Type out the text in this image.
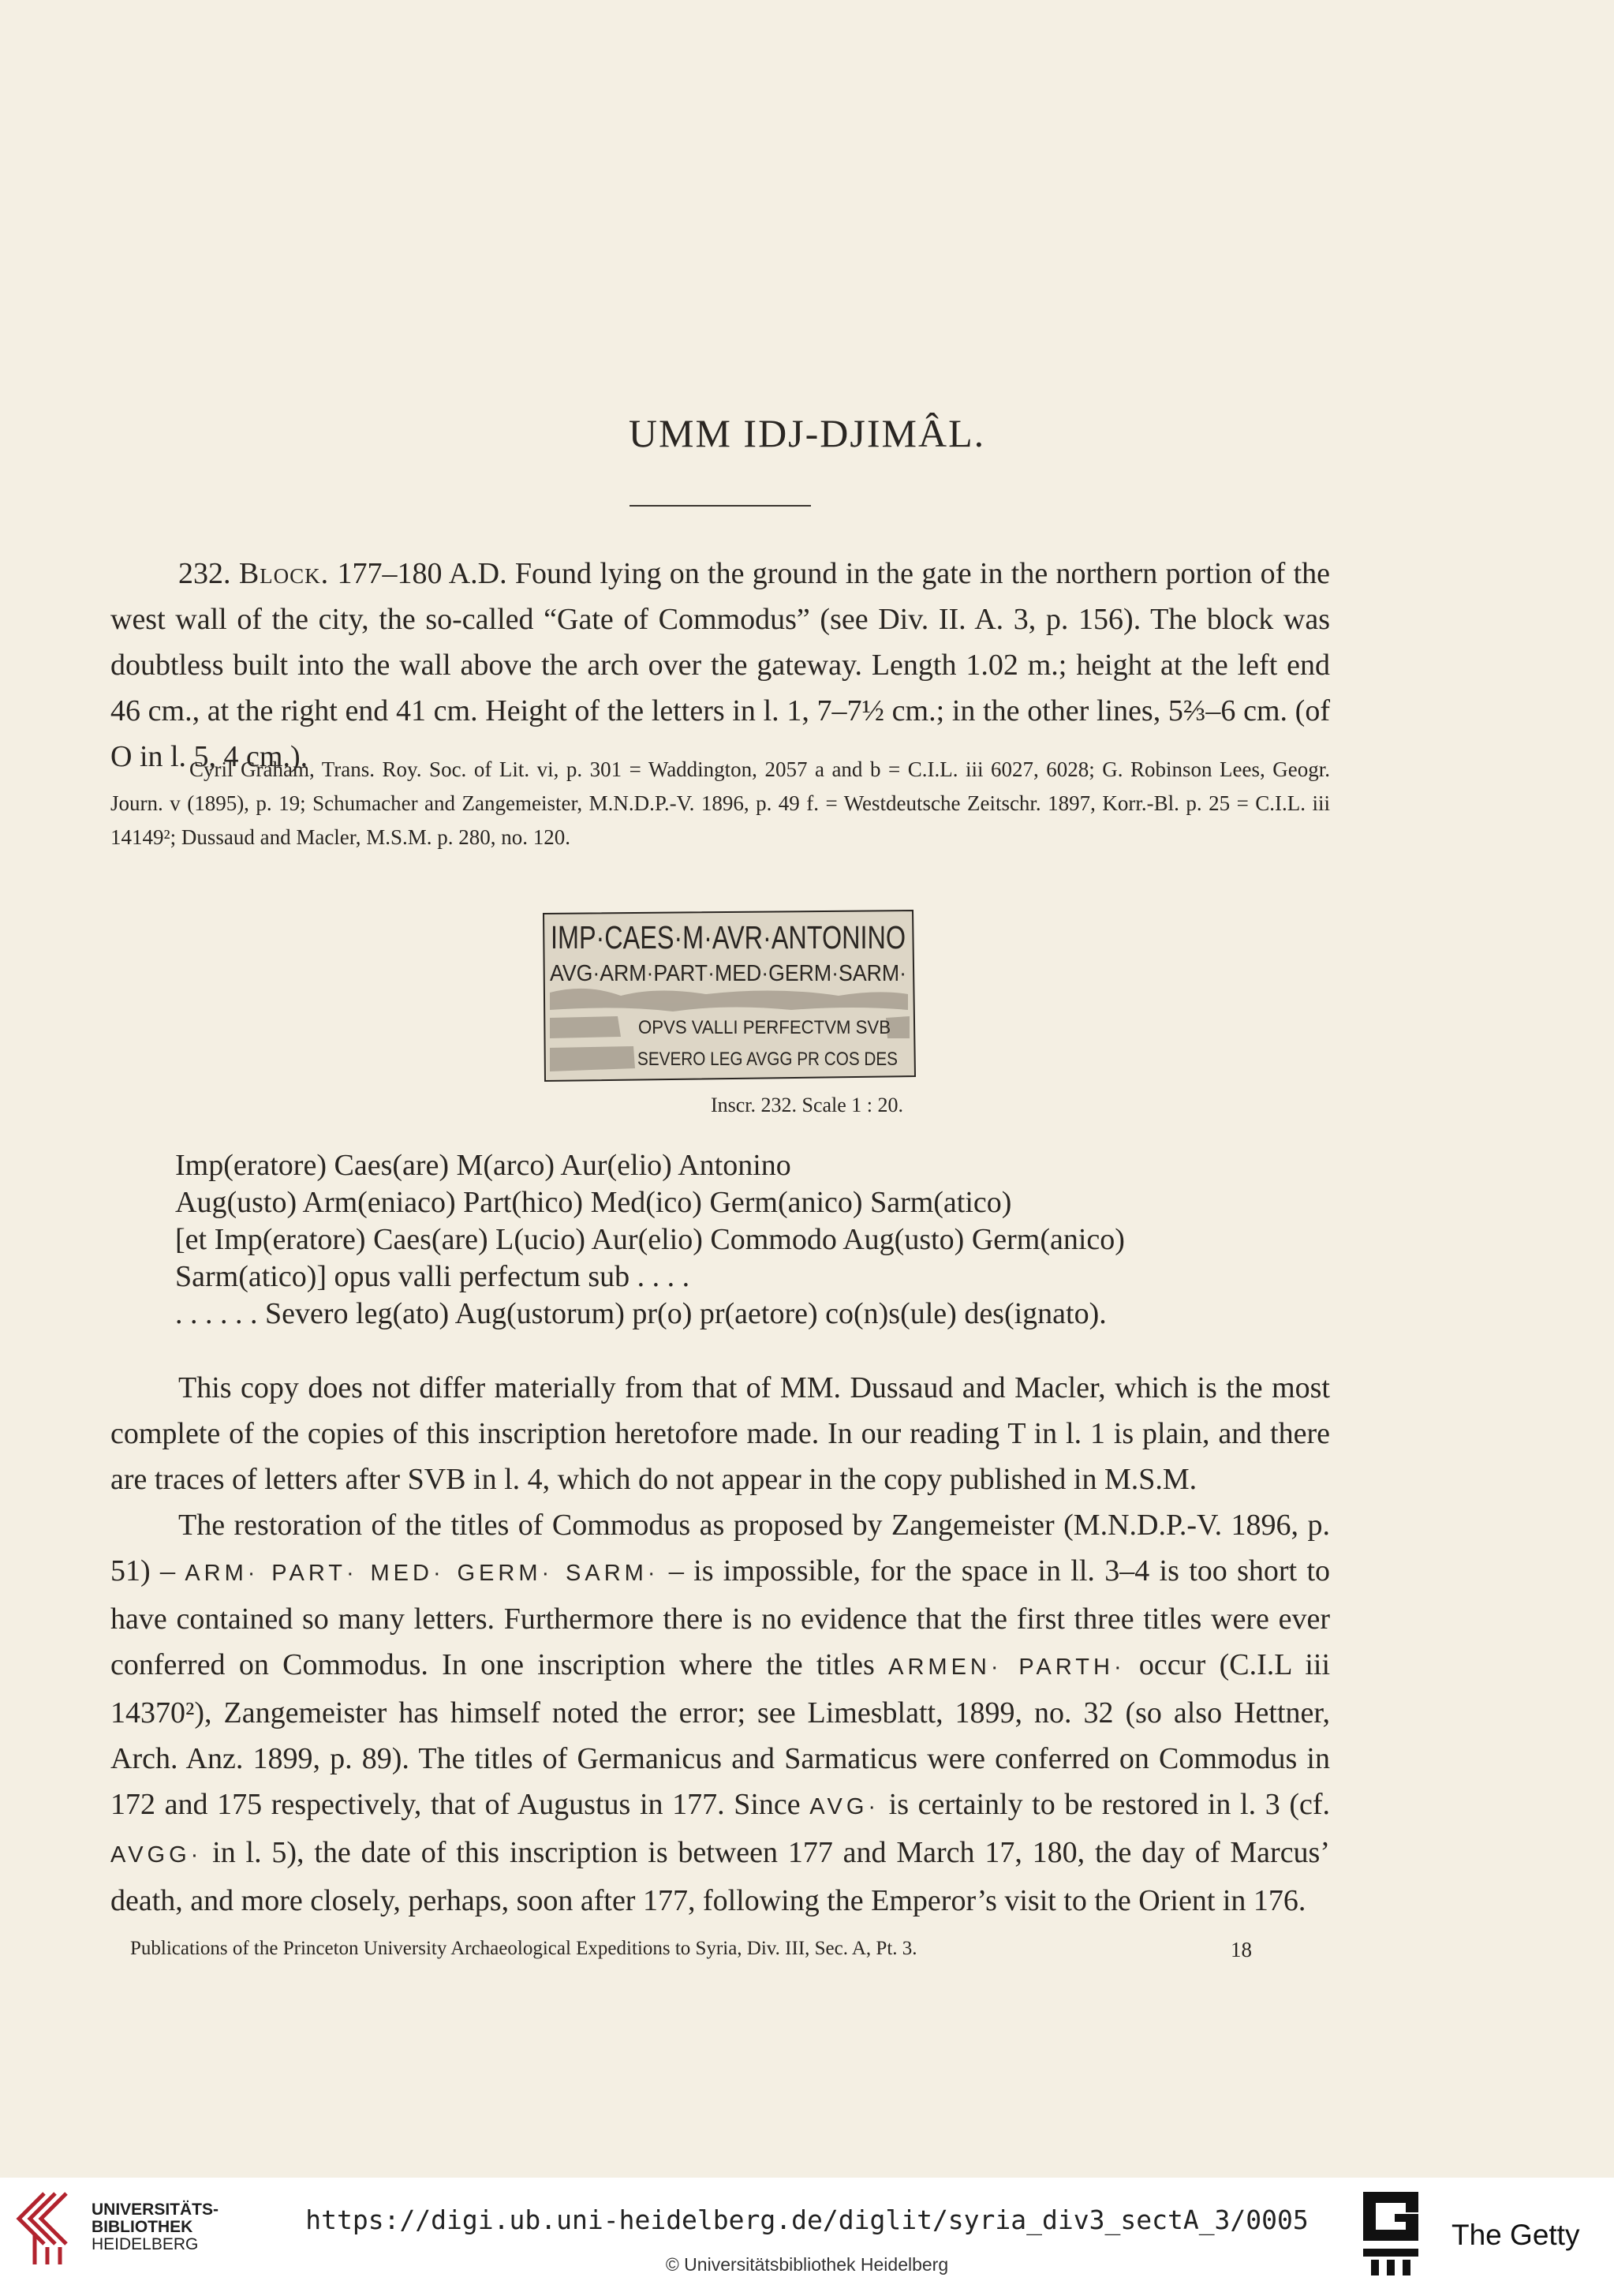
UMM IDJ-DJIMÂL.

232. Block. 177–180 A.D. Found lying on the ground in the gate in the northern portion of the west wall of the city, the so-called “Gate of Commodus” (see Div. II. A. 3, p. 156). The block was doubtless built into the wall above the arch over the gateway. Length 1.02 m.; height at the left end 46 cm., at the right end 41 cm. Height of the letters in l. 1, 7–7½ cm.; in the other lines, 5⅔–6 cm. (of O in l. 5, 4 cm.).

Cyril Graham, Trans. Roy. Soc. of Lit. vi, p. 301 = Waddington, 2057 a and b = C.I.L. iii 6027, 6028; G. Robinson Lees, Geogr. Journ. v (1895), p. 19; Schumacher and Zangemeister, M.N.D.P.-V. 1896, p. 49 f. = Westdeutsche Zeitschr. 1897, Korr.-Bl. p. 25 = C.I.L. iii 14149²; Dussaud and Macler, M.S.M. p. 280, no. 120.

IMP·CAES·M·AVR·ANTONINO
AVG·ARM·PART·MED·GERM·SARM·
OPVS VALLI PERFECTVM SVB
SEVERO LEG AVGG PR COS DES
Inscr. 232. Scale 1 : 20.

Imp(eratore) Caes(are) M(arco) Aur(elio) Antonino

Aug(usto) Arm(eniaco) Part(hico) Med(ico) Germ(anico) Sarm(atico)

[et Imp(eratore) Caes(are) L(ucio) Aur(elio) Commodo Aug(usto) Germ(anico)

Sarm(atico)] opus valli perfectum sub . . . .

. . . . . . Severo leg(ato) Aug(ustorum) pr(o) pr(aetore) co(n)s(ule) des(ignato).

This copy does not differ materially from that of MM. Dussaud and Macler, which is the most complete of the copies of this inscription heretofore made. In our reading T in l. 1 is plain, and there are traces of letters after SVB in l. 4, which do not appear in the copy published in M.S.M.

The restoration of the titles of Commodus as proposed by Zangemeister (M.N.D.P.-V. 1896, p. 51) – ARM· PART· MED· GERM· SARM· – is impossible, for the space in ll. 3–4 is too short to have contained so many letters. Furthermore there is no evidence that the first three titles were ever conferred on Commodus. In one inscription where the titles ARMEN· PARTH· occur (C.I.L iii 14370²), Zangemeister has himself noted the error; see Limesblatt, 1899, no. 32 (so also Hettner, Arch. Anz. 1899, p. 89). The titles of Germanicus and Sarmaticus were conferred on Commodus in 172 and 175 respectively, that of Augustus in 177. Since AVG· is certainly to be restored in l. 3 (cf. AVGG· in l. 5), the date of this inscription is between 177 and March 17, 180, the day of Marcus’ death, and more closely, perhaps, soon after 177, following the Emperor’s visit to the Orient in 176.

Publications of the Princeton University Archaeological Expeditions to Syria, Div. III, Sec. A, Pt. 3.	18
UNIVERSITÄTS-
BIBLIOTHEK
HEIDELBERG
https://digi.ub.uni-heidelberg.de/diglit/syria_div3_sectA_3/0005
© Universitätsbibliothek Heidelberg
The Getty
